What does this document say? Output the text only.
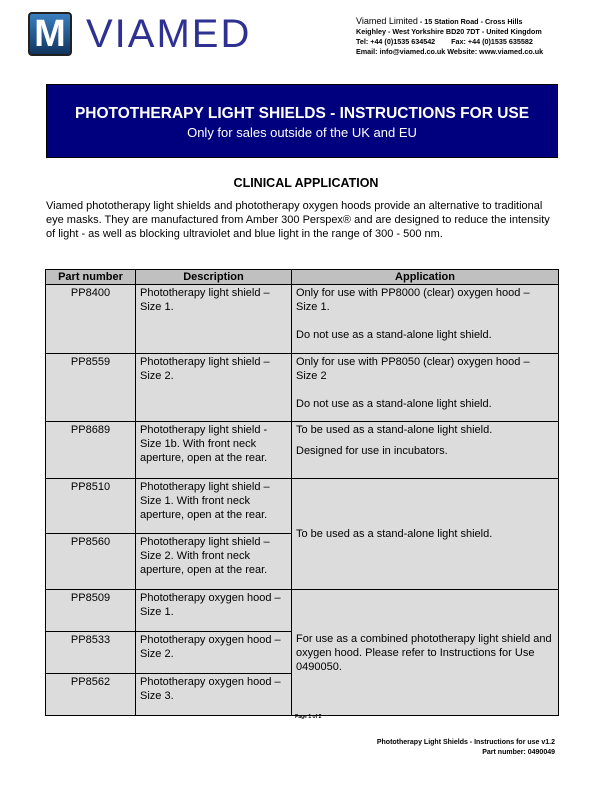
M VIAMED	Viamed Limited - 15 Station Road - Cross Hills
Keighley - West Yorkshire BD20 7DT - United Kingdom
Tel: +44 (0)1535 634542        Fax: +44 (0)1535 635582
Email: info@viamed.co.uk Website: www.viamed.co.uk
PHOTOTHERAPY LIGHT SHIELDS - INSTRUCTIONS FOR USE

Only for sales outside of the UK and EU

CLINICAL APPLICATION
Viamed phototherapy light shields and phototherapy oxygen hoods provide an alternative to traditional eye masks. They are manufactured from Amber 300 Perspex® and are designed to reduce the intensity of light - as well as blocking ultraviolet and blue light in the range of 300 - 500 nm.
Part number	Description	Application
PP8400	Phototherapy light shield – Size 1.	Only for use with PP8000 (clear) oxygen hood – Size 1.
Do not use as a stand-alone light shield.

PP8559	Phototherapy light shield – Size 2.	Only for use with PP8050 (clear) oxygen hood – Size 2
Do not use as a stand-alone light shield.

PP8689	Phototherapy light shield - Size 1b. With front neck aperture, open at the rear.	To be used as a stand-alone light shield.
Designed for use in incubators.

PP8510	Phototherapy light shield – Size 1. With front neck aperture, open at the rear.	To be used as a stand-alone light shield.
PP8560	Phototherapy light shield – Size 2. With front neck aperture, open at the rear.	
PP8509	Phototherapy oxygen hood – Size 1.	For use as a combined phototherapy light shield and oxygen hood. Please refer to Instructions for Use 0490050.
PP8533	Phototherapy oxygen hood – Size 2.	
PP8562	Phototherapy oxygen hood – Size 3.	
Page 1 of 2
Phototherapy Light Shields - Instructions for use v1.2
Part number: 0490049
